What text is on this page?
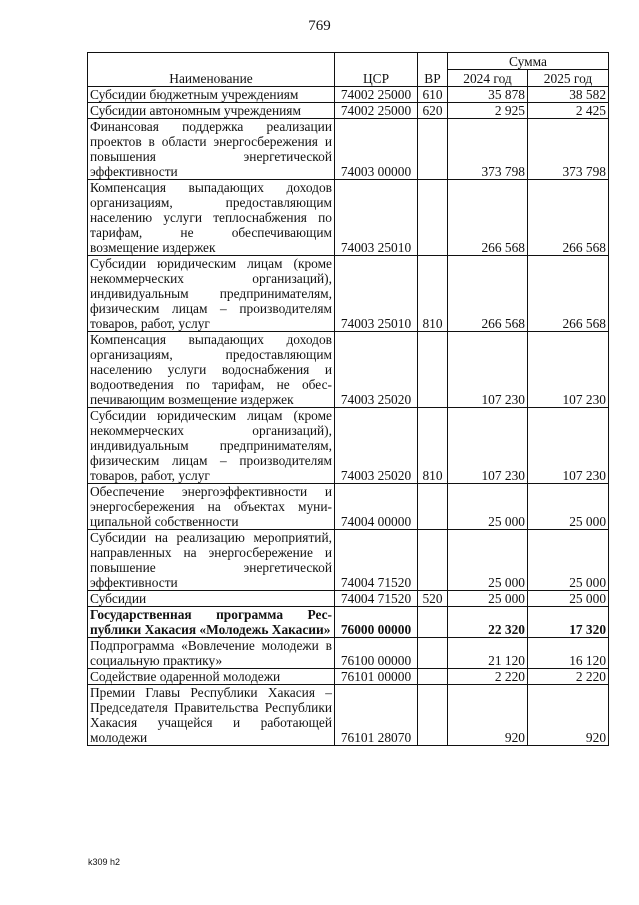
769
Наименование	ЦСР	ВР	Сумма	
			2024 год	2025 год
Субсидии бюджетным учреждениям	74002 25000	610	35 878	38 582
Субсидии автономным учреждениям	74002 25000	620	2 925	2 425
Финансовая поддержка реализации проектов в области энергосбережения и повышения энергетической эффективности	74003 00000		373 798	373 798
Компенсация выпадающих доходов организациям, предоставляющим населению услуги теплоснабжения по тарифам, не обеспечивающим возмещение издержек	74003 25010		266 568	266 568
Субсидии юридическим лицам (кроме некоммерческих организаций), индивидуальным предпринимателям, физическим лицам – производителям товаров, работ, услуг	74003 25010	810	266 568	266 568
Компенсация выпадающих доходов организациям, предоставляющим населению услуги водоснабжения и водоотведения по тарифам, не обеспечивающим возмещение издержек	74003 25020		107 230	107 230
Субсидии юридическим лицам (кроме некоммерческих организаций), индивидуальным предпринимателям, физическим лицам – производителям товаров, работ, услуг	74003 25020	810	107 230	107 230
Обеспечение энергоэффективности и энергосбережения на объектах муниципальной собственности	74004 00000		25 000	25 000
Субсидии на реализацию мероприятий, направленных на энергосбережение и повышение энергетической эффективности	74004 71520		25 000	25 000
Субсидии	74004 71520	520	25 000	25 000
Государственная программа Республики Хакасия «Молодежь Хакасии»	76000 00000		22 320	17 320
Подпрограмма «Вовлечение молодежи в социальную практику»	76100 00000		21 120	16 120
Содействие одаренной молодежи	76101 00000		2 220	2 220
Премии Главы Республики Хакасия – Председателя Правительства Республики Хакасия учащейся и работающей молодежи	76101 28070		920	920
k309 h2
